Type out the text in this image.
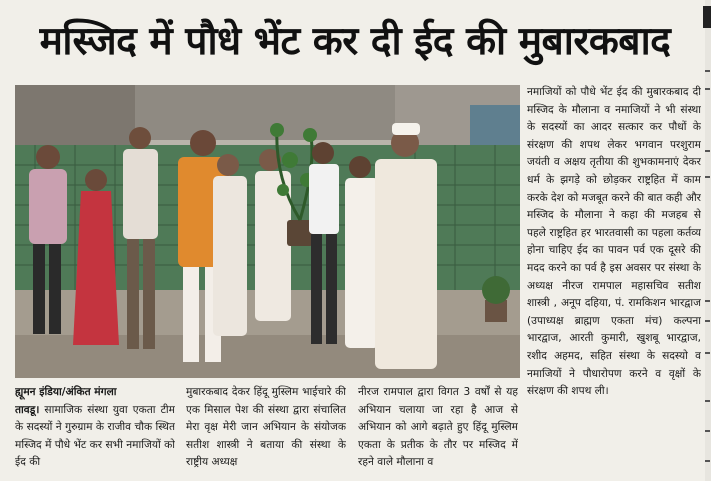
मस्जिद में पौधे भेंट कर दी ईद की मुबारकबाद

ह्यूमन इंडिया/अंकित मंगला

तावडू। सामाजिक संस्था युवा एकता टीम के सदस्यों ने गुरुग्राम के राजीव चौक स्थित मस्जिद में पौधे भेंट कर सभी नमाजियों को ईद की

मुबारकबाद देकर हिंदू मुस्लिम भाईचारे की एक मिसाल पेश की संस्था द्वारा संचालित मेरा वृक्ष मेरी जान अभियान के संयोजक सतीश शास्त्री ने बताया की संस्था के राष्ट्रीय अध्यक्ष

नीरज रामपाल द्वारा विगत 3 वर्षों से यह अभियान चलाया जा रहा है आज से अभियान को आगे बढ़ाते हुए हिंदू मुस्लिम एकता के प्रतीक के तौर पर मस्जिद में रहने वाले मौलाना व

नमाजियों को पौधे भेंट ईद की मुबारकबाद दी मस्जिद के मौलाना व नमाजियों ने भी संस्था के सदस्यों का आदर सत्कार कर पौधों के संरक्षण की शपथ लेकर भगवान परशुराम जयंती व अक्षय तृतीया की शुभकामनाएं देकर धर्म के झगड़े को छोड़कर राष्ट्रहित में काम करके देश को मजबूत करने की बात कही और मस्जिद के मौलाना ने कहा की मजहब से पहले राष्ट्रहित हर भारतवासी का पहला कर्तव्य होना चाहिए ईद का पावन पर्व एक दूसरे की मदद करने का पर्व है इस अवसर पर संस्था के अध्यक्ष नीरज रामपाल महासचिव सतीश शास्त्री , अनूप दहिया, पं. रामकिशन भारद्वाज (उपाध्यक्ष ब्राह्मण एकता मंच) कल्पना भारद्वाज, आरती कुमारी, खुशबू भारद्वाज, रशीद अहमद, सहित संस्था के सदस्यो व नमाजियों ने पौधारोपण करने व वृक्षों के संरक्षण की शपथ ली।
